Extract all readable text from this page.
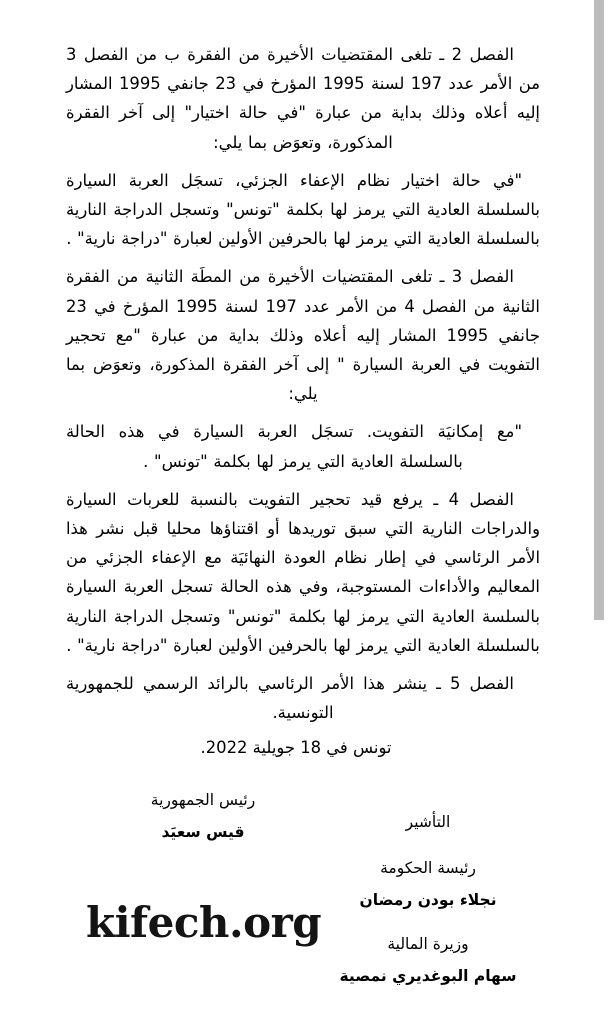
الفصل 2 ـ تلغى المقتضيات الأخيرة من الفقرة ب من الفصل 3 من الأمر عدد 197 لسنة 1995 المؤرخ في 23 جانفي 1995 المشار إليه أعلاه وذلك بداية من عبارة "في حالة اختيار" إلى آخر الفقرة المذكورة، وتعوَض بما يلي:

"في حالة اختيار نظام الإعفاء الجزئي، تسجَل العربة السيارة بالسلسلة العادية التي يرمز لها بكلمة "تونس" وتسجل الدراجة النارية بالسلسلة العادية التي يرمز لها بالحرفين الأولين لعبارة "دراجة نارية" .

الفصل 3 ـ تلغى المقتضيات الأخيرة من المطَة الثانية من الفقرة الثانية من الفصل 4 من الأمر عدد 197 لسنة 1995 المؤرخ في 23 جانفي 1995 المشار إليه أعلاه وذلك بداية من عبارة "مع تحجير التفويت في العربة السيارة " إلى آخر الفقرة المذكورة، وتعوَض بما يلي:

"مع إمكانيَة التفويت. تسجَل العربة السيارة في هذه الحالة بالسلسلة العادية التي يرمز لها بكلمة "تونس" .

الفصل 4 ـ يرفع قيد تحجير التفويت بالنسبة للعربات السيارة والدراجات النارية التي سبق توريدها أو اقتناؤها محليا قبل نشر هذا الأمر الرئاسي في إطار نظام العودة النهائيَة مع الإعفاء الجزئي من المعاليم والأداءات المستوجبة، وفي هذه الحالة تسجل العربة السيارة بالسلسة العادية التي يرمز لها بكلمة "تونس" وتسجل الدراجة النارية بالسلسلة العادية التي يرمز لها بالحرفين الأولين لعبارة "دراجة نارية" .

الفصل 5 ـ ينشر هذا الأمر الرئاسي بالرائد الرسمي للجمهورية التونسية.

تونس في 18 جويلية 2022.

رئيس الجمهورية

قيس سعيَد

التأشير

رئيسة الحكومة

نجلاء بودن رمضان

وزيرة المالية

سهام البوغديري نمصية

kifech.org
